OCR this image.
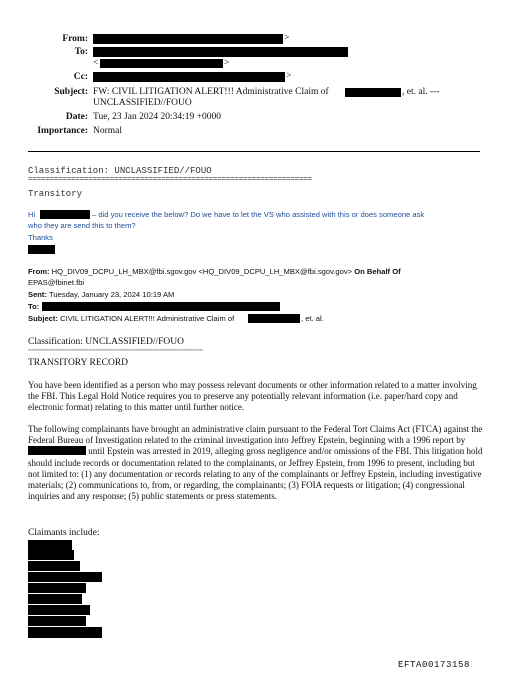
From:	>
To:
<	>
Cc:	>
Subject: FW: CIVIL LITIGATION ALERT!!! Administrative Claim of	, et. al. ---
UNCLASSIFIED//FOUO
Date: Tue, 23 Jan 2024 20:34:19 +0000
Importance: Normal
Classification: UNCLASSIFIED//FOUO
==================================================================
Transitory
Hi	– did you receive the below? Do we have to let the VS who assisted with this or does someone ask
who they are send this to them?
Thanks
From: HQ_DIV09_DCPU_LH_MBX@fbi.sgov.gov <HQ_DIV09_DCPU_LH_MBX@fbi.sgov.gov> On Behalf Of
EPAS@fbinet.fbi
Sent: Tuesday, January 23, 2024 10:19 AM
To:
Subject: CIVIL LITIGATION ALERT!!! Administrative Claim of	, et. al.
Classification: UNCLASSIFIED//FOUO
====================================================
TRANSITORY RECORD
You have been identified as a person who may possess relevant documents or other information related to a matter involving the FBI. This Legal Hold Notice requires you to preserve any potentially relevant information (i.e. paper/hard copy and electronic format) relating to this matter until further notice.
The following complainants have brought an administrative claim pursuant to the Federal Tort Claims Act (FTCA) against the Federal Bureau of Investigation related to the criminal investigation into Jeffrey Epstein, beginning with a 1996 report by  until Epstein was arrested in 2019, alleging gross negligence and/or omissions of the FBI. This litigation hold should include records or documentation related to the complainants, or Jeffrey Epstein, from 1996 to present, including but not limited to: (1) any documentation or records relating to any of the complainants or Jeffrey Epstein, including investigative materials; (2) communications to, from, or regarding, the complainants; (3) FOIA requests or litigation; (4) congressional inquiries and any response; (5) public statements or press statements.
Claimants include:
EFTA00173158
